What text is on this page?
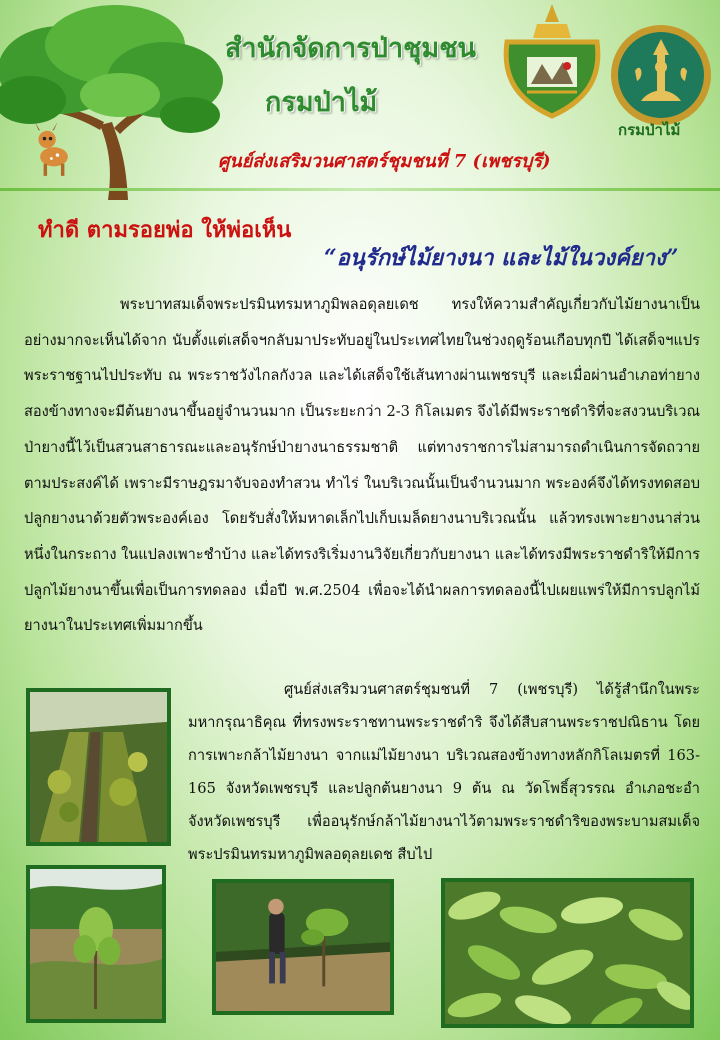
สำนักจัดการป่าชุมชน
กรมป่าไม้
กรมป่าไม้
ศูนย์ส่งเสริมวนศาสตร์ชุมชนที่ 7 (เพชรบุรี)
ทำดี ตามรอยพ่อ ให้พ่อเห็น
“อนุรักษ์ไม้ยางนา และไม้ในวงค์ยาง”
พระบาทสมเด็จพระปรมินทรมหาภูมิพลอดุลยเดช ทรงให้ความสำคัญเกี่ยวกับไม้ยางนาเป็นอย่างมากจะเห็นได้จาก นับตั้งแต่เสด็จฯกลับมาประทับอยู่ในประเทศไทยในช่วงฤดูร้อนเกือบทุกปี ได้เสด็จฯแปรพระราชฐานไปประทับ ณ พระราชวังไกลกังวล และได้เสด็จใช้เส้นทางผ่านเพชรบุรี และเมื่อผ่านอำเภอท่ายาง สองข้างทางจะมีต้นยางนาขึ้นอยู่จำนวนมาก เป็นระยะกว่า 2-3 กิโลเมตร จึงได้มีพระราชดำริที่จะสงวนบริเวณป่ายางนี้ไว้เป็นสวนสาธารณะและอนุรักษ์ป่ายางนาธรรมชาติ แต่ทางราชการไม่สามารถดำเนินการจัดถวายตามประสงค์ได้ เพราะมีราษฎรมาจับจองทำสวน ทำไร่ ในบริเวณนั้นเป็นจำนวนมาก พระองค์จึงได้ทรงทดสอบปลูกยางนาด้วยตัวพระองค์เอง โดยรับสั่งให้มหาดเล็กไปเก็บเมล็ดยางนาบริเวณนั้น แล้วทรงเพาะยางนาส่วนหนึ่งในกระถาง ในแปลงเพาะชำบ้าง และได้ทรงริเริ่มงานวิจัยเกี่ยวกับยางนา และได้ทรงมีพระราชดำริให้มีการปลูกไม้ยางนาขึ้นเพื่อเป็นการทดลอง เมื่อปี พ.ศ.2504 เพื่อจะได้นำผลการทดลองนี้ไปเผยแพร่ให้มีการปลูกไม้ยางนาในประเทศเพิ่มมากขึ้น
ศูนย์ส่งเสริมวนศาสตร์ชุมชนที่ 7 (เพชรบุรี) ได้รู้สำนึกในพระมหากรุณาธิคุณ ที่ทรงพระราชทานพระราชดำริ จึงได้สืบสานพระราชปณิธาน โดยการเพาะกล้าไม้ยางนา จากแม่ไม้ยางนา บริเวณสองข้างทางหลักกิโลเมตรที่ 163-165 จังหวัดเพชรบุรี และปลูกต้นยางนา 9 ต้น ณ วัดโพธิ์สุวรรณ อำเภอชะอำ จังหวัดเพชรบุรี เพื่ออนุรักษ์กล้าไม้ยางนาไว้ตามพระราชดำริของพระบามสมเด็จพระปรมินทรมหาภูมิพลอดุลยเดช สืบไป
